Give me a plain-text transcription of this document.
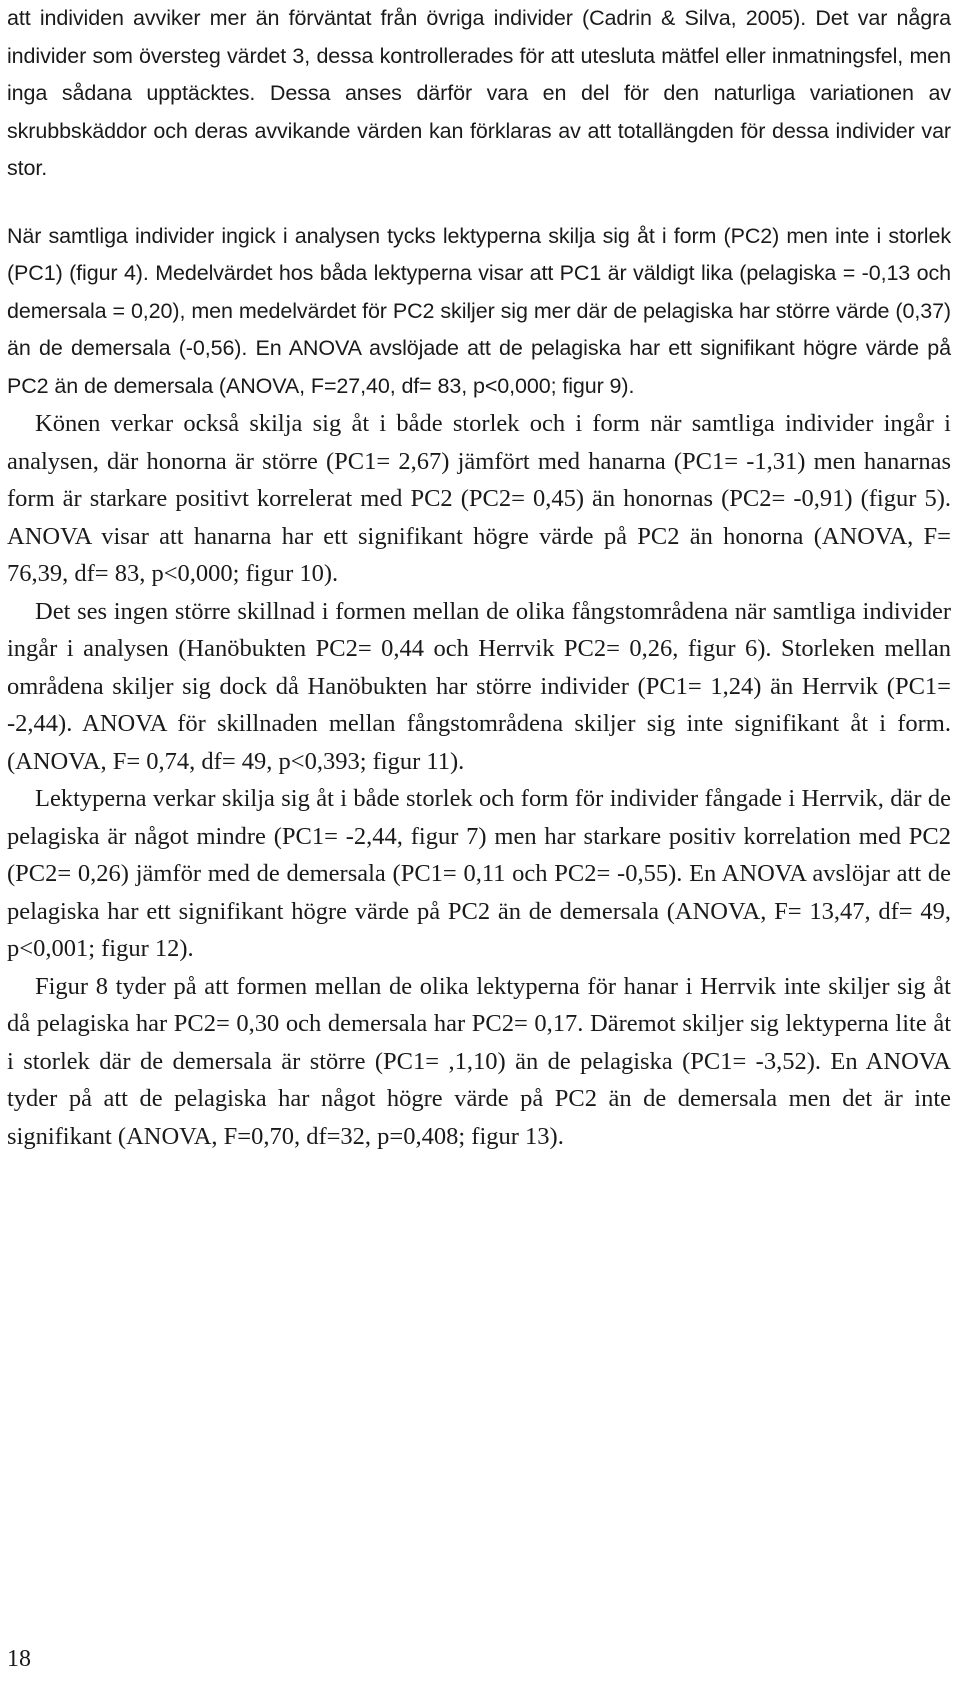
att individen avviker mer än förväntat från övriga individer (Cadrin & Silva, 2005). Det var några individer som översteg värdet 3, dessa kontrollerades för att utesluta mätfel eller inmatningsfel, men inga sådana upptäcktes. Dessa anses därför vara en del för den naturliga variationen av skrubbskäddor och deras avvikande värden kan förklaras av att totallängden för dessa individer var stor.

När samtliga individer ingick i analysen tycks lektyperna skilja sig åt i form (PC2) men inte i storlek (PC1) (figur 4). Medelvärdet hos båda lektyperna visar att PC1 är väldigt lika (pelagiska = -0,13 och demersala = 0,20), men medelvärdet för PC2 skiljer sig mer där de pelagiska har större värde (0,37) än de demersala (-0,56). En ANOVA avslöjade att de pelagiska har ett signifikant högre värde på PC2 än de demersala (ANOVA, F=27,40, df= 83, p<0,000; figur 9).

Könen verkar också skilja sig åt i både storlek och i form när samtliga individer ingår i analysen, där honorna är större (PC1= 2,67) jämfört med hanarna (PC1= -1,31) men hanarnas form är starkare positivt korrelerat med PC2 (PC2= 0,45) än honornas (PC2= -0,91) (figur 5). ANOVA visar att hanarna har ett signifikant högre värde på PC2 än honorna (ANOVA, F= 76,39, df= 83, p<0,000; figur 10).

Det ses ingen större skillnad i formen mellan de olika fångstområdena när samtliga individer ingår i analysen (Hanöbukten PC2= 0,44 och Herrvik PC2= 0,26, figur 6). Storleken mellan områdena skiljer sig dock då Hanöbukten har större individer (PC1= 1,24) än Herrvik (PC1= -2,44). ANOVA för skillnaden mellan fångstområdena skiljer sig inte signifikant åt i form. (ANOVA, F= 0,74, df= 49, p<0,393; figur 11).

Lektyperna verkar skilja sig åt i både storlek och form för individer fångade i Herrvik, där de pelagiska är något mindre (PC1= -2,44, figur 7) men har starkare positiv korrelation med PC2 (PC2= 0,26) jämför med de demersala (PC1= 0,11 och PC2= -0,55). En ANOVA avslöjar att de pelagiska har ett signifikant högre värde på PC2 än de demersala (ANOVA, F= 13,47, df= 49, p<0,001; figur 12).

Figur 8 tyder på att formen mellan de olika lektyperna för hanar i Herrvik inte skiljer sig åt då pelagiska har PC2= 0,30 och demersala har PC2= 0,17. Däremot skiljer sig lektyperna lite åt i storlek där de demersala är större (PC1= ,1,10) än de pelagiska (PC1= -3,52). En ANOVA tyder på att de pelagiska har något högre värde på PC2 än de demersala men det är inte signifikant (ANOVA, F=0,70, df=32, p=0,408; figur 13).

18
